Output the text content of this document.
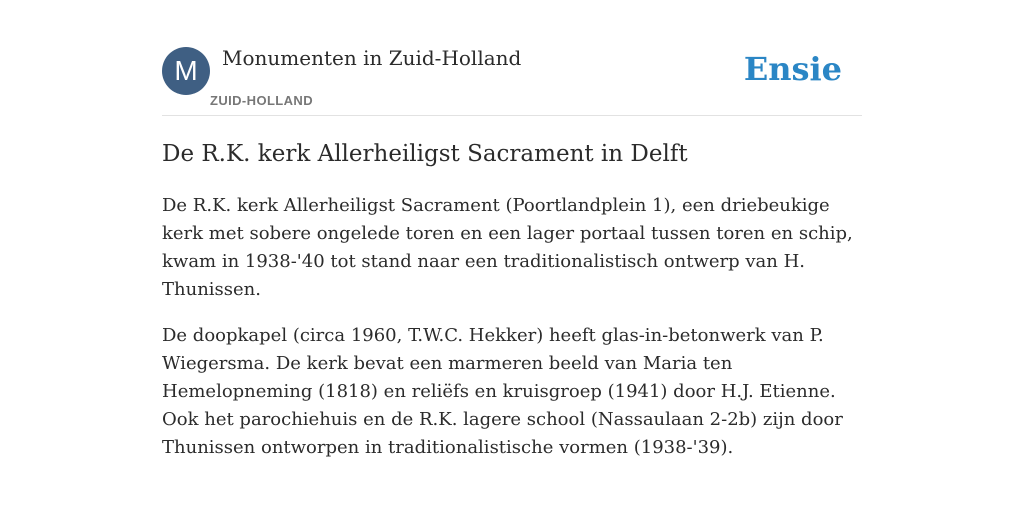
M	Monumenten in Zuid-Holland
ZUID-HOLLAND
Ensie
De R.K. kerk Allerheiligst Sacrament in Delft

De R.K. kerk Allerheiligst Sacrament (Poortlandplein 1), een driebeukige kerk met sobere ongelede toren en een lager portaal tussen toren en schip, kwam in 1938-'40 tot stand naar een traditionalistisch ontwerp van H. Thunissen.

De doopkapel (circa 1960, T.W.C. Hekker) heeft glas-in-betonwerk van P. Wiegersma. De kerk bevat een marmeren beeld van Maria ten Hemelopneming (1818) en reliëfs en kruisgroep (1941) door H.J. Etienne. Ook het parochiehuis en de R.K. lagere school (Nassaulaan 2-2b) zijn door Thunissen ontworpen in traditionalistische vormen (1938-'39).
